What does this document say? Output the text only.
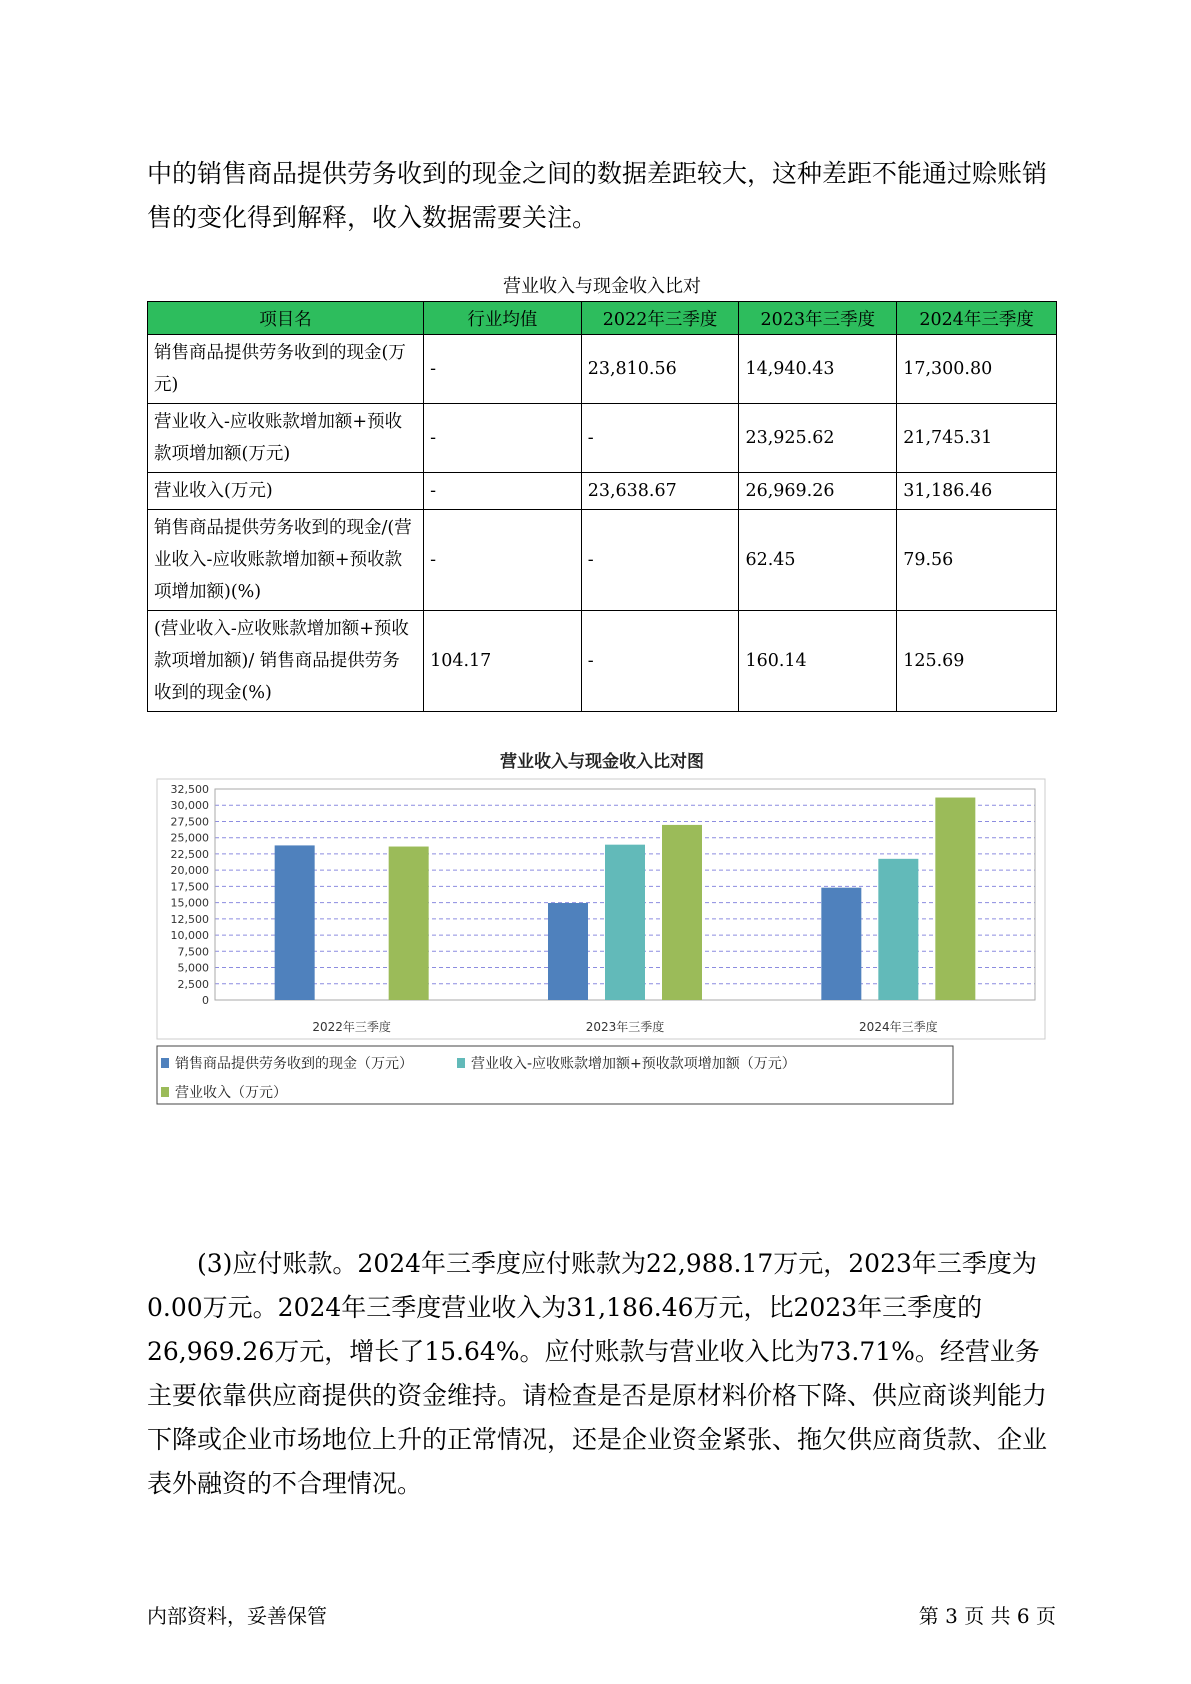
中的销售商品提供劳务收到的现金之间的数据差距较大，这种差距不能通过赊账销售的变化得到解释，收入数据需要关注。

营业收入与现金收入比对
项目名	行业均值	2022年三季度	2023年三季度	2024年三季度
销售商品提供劳务收到的现金(万元)	-	23,810.56	14,940.43	17,300.80
营业收入-应收账款增加额+预收款项增加额(万元)	-	-	23,925.62	21,745.31
营业收入(万元)	-	23,638.67	26,969.26	31,186.46
销售商品提供劳务收到的现金/(营业收入-应收账款增加额+预收款项增加额)(%)	-	-	62.45	79.56
(营业收入-应收账款增加额+预收款项增加额)/ 销售商品提供劳务收到的现金(%)	104.17	-	160.14	125.69
营业收入与现金收入比对图
0
2,500
5,000
7,500
10,000
12,500
15,000
17,500
20,000
22,500
25,000
27,500
30,000
32,500
2022年三季度	2023年三季度	2024年三季度
销售商品提供劳务收到的现金（万元）	营业收入-应收账款增加额+预收款项增加额（万元）
营业收入（万元）

(3)应付账款。2024年三季度应付账款为22,988.17万元，2023年三季度为0.00万元。2024年三季度营业收入为31,186.46万元，比2023年三季度的26,969.26万元，增长了15.64%。应付账款与营业收入比为73.71%。经营业务主要依靠供应商提供的资金维持。请检查是否是原材料价格下降、供应商谈判能力下降或企业市场地位上升的正常情况，还是企业资金紧张、拖欠供应商货款、企业表外融资的不合理情况。

内部资料，妥善保管	第 3 页 共 6 页
